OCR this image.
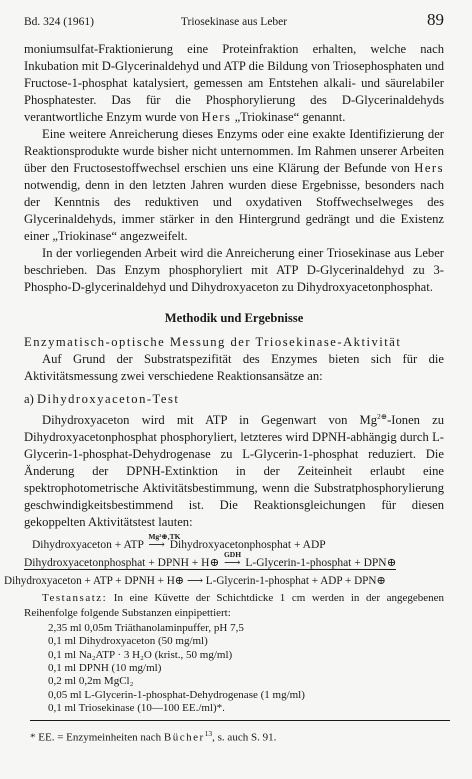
Bd. 324 (1961)	Triosekinase aus Leber	89

moniumsulfat-Fraktionierung eine Proteinfraktion erhalten, welche nach Inkubation mit D-Glycerinaldehyd und ATP die Bildung von Triosephosphaten und Fructose-1-phosphat katalysiert, gemessen am Entstehen alkali- und säurelabiler Phosphatester. Das für die Phosphorylierung des D-Glycerinaldehyds verantwortliche Enzym wurde von Hers „Triokinase“ genannt.

Eine weitere Anreicherung dieses Enzyms oder eine exakte Identifizierung der Reaktionsprodukte wurde bisher nicht unternommen. Im Rahmen unserer Arbeiten über den Fructosestoffwechsel erschien uns eine Klärung der Befunde von Hers notwendig, denn in den letzten Jahren wurden diese Ergebnisse, besonders nach der Kenntnis des reduktiven und oxydativen Stoffwechselweges des Glycerinaldehyds, immer stärker in den Hintergrund gedrängt und die Existenz einer „Triokinase“ angezweifelt.

In der vorliegenden Arbeit wird die Anreicherung einer Triosekinase aus Leber beschrieben. Das Enzym phosphoryliert mit ATP D-Glycerinaldehyd zu 3-Phospho-D-glycerinaldehyd und Dihydroxyaceton zu Dihydroxyacetonphosphat.

Methodik und Ergebnisse

Enzymatisch-optische Messung der Triosekinase-Aktivität

Auf Grund der Substratspezifität des Enzymes bieten sich für die Aktivitätsmessung zwei verschiedene Reaktionsansätze an:

a) Dihydroxyaceton-Test

Dihydroxyaceton wird mit ATP in Gegenwart von $Mg^{2\oplus}$-Ionen zu Dihydroxyacetonphosphat phosphoryliert, letzteres wird DPNH-abhängig durch L-Glycerin-1-phosphat-Dehydrogenase zu L-Glycerin-1-phosphat reduziert. Die Änderung der DPNH-Extinktion in der Zeiteinheit erlaubt eine spektrophotometrische Aktivitätsbestimmung, wenn die Substratphosphorylierung geschwindigkeitsbestimmend ist. Die Reaktionsgleichungen für diesen gekoppelten Aktivitätstest lauten:

Dihydroxyaceton + ATP
Mg²⊕,TK
⟶ Dihydroxyacetonphosphat + ADP
Dihydroxyacetonphosphat + DPNH + H⊕
GDH
⟶ L-Glycerin-1-phosphat + DPN⊕
Dihydroxyaceton + ATP + DPNH + H⊕ ⟶ L-Glycerin-1-phosphat + ADP + DPN⊕

Testansatz: In eine Küvette der Schichtdicke 1 cm werden in der angegebenen Reihenfolge folgende Substanzen einpipettiert:

2,35 ml 0,05m Triäthanolaminpuffer, pH 7,5
0,1 ml Dihydroxyaceton (50 mg/ml)
0,1 ml Na₂ATP · 3 H₂O (krist., 50 mg/ml)
0,1 ml DPNH (10 mg/ml)
0,2 ml 0,2m MgCl₂
0,05 ml L-Glycerin-1-phosphat-Dehydrogenase (1 mg/ml)
0,1 ml Triosekinase (10—100 EE./ml)*.
* EE. = Enzymeinheiten nach Bücher$^{13}$, s. auch S. 91.
